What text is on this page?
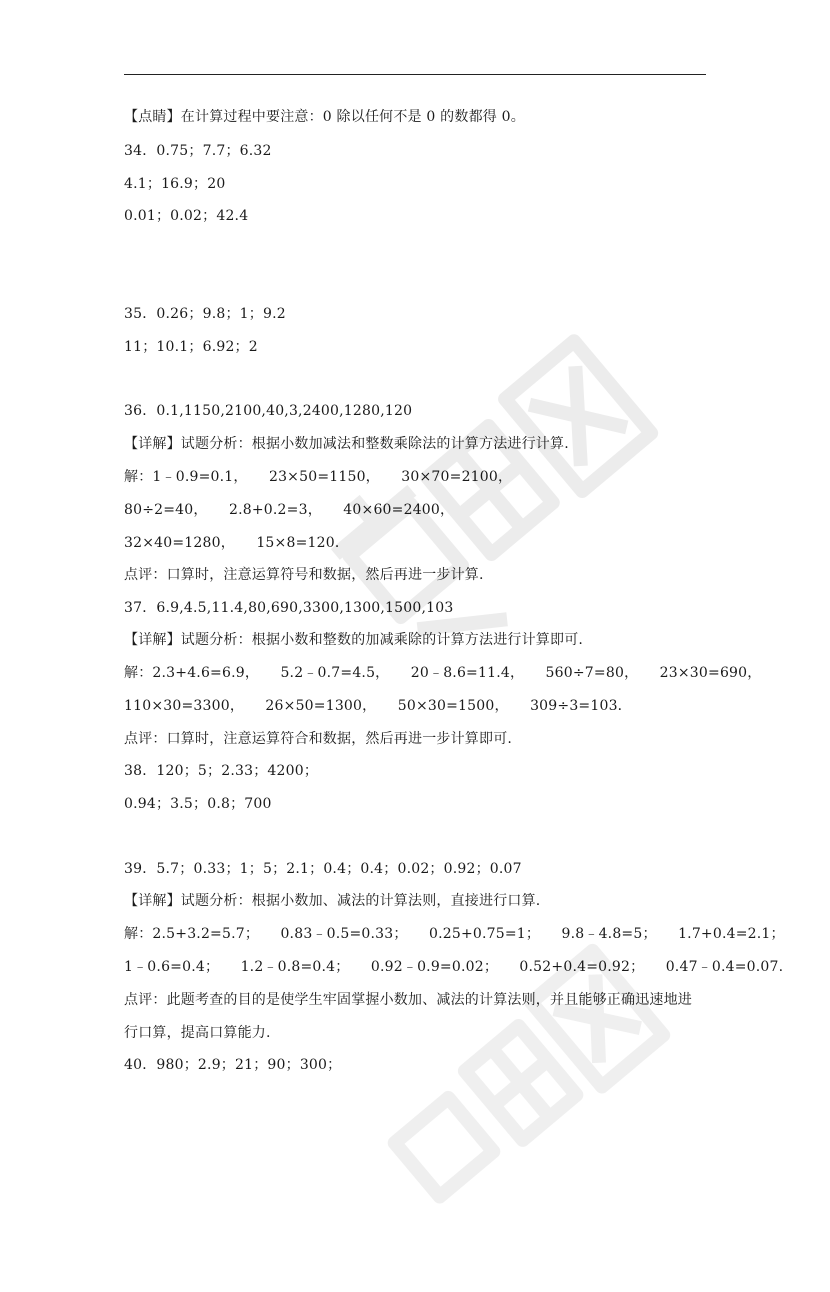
【点睛】在计算过程中要注意：0 除以任何不是 0 的数都得 0。
34．0.75；7.7；6.32
4.1；16.9；20
0.01；0.02；42.4
35．0.26；9.8；1；9.2
11；10.1；6.92；2
36．0.1,1150,2100,40,3,2400,1280,120
【详解】试题分析：根据小数加减法和整数乘除法的计算方法进行计算.
解：1﹣0.9=0.1，　　23×50=1150，　　30×70=2100，
80÷2=40，　　2.8+0.2=3，　　40×60=2400，
32×40=1280，　　15×8=120．
点评：口算时，注意运算符号和数据，然后再进一步计算.
37．6.9,4.5,11.4,80,690,3300,1300,1500,103
【详解】试题分析：根据小数和整数的加减乘除的计算方法进行计算即可.
解：2.3+4.6=6.9，　　5.2﹣0.7=4.5，　　20﹣8.6=11.4，　　560÷7=80，　　23×30=690，
110×30=3300，　　26×50=1300，　　50×30=1500，　　309÷3=103．
点评：口算时，注意运算符合和数据，然后再进一步计算即可.
38．120；5；2.33；4200；
0.94；3.5；0.8；700
39．5.7；0.33；1；5；2.1；0.4；0.4；0.02；0.92；0.07
【详解】试题分析：根据小数加、减法的计算法则，直接进行口算.
解：2.5+3.2=5.7；　　0.83﹣0.5=0.33；　　0.25+0.75=1；　　9.8﹣4.8=5；　　1.7+0.4=2.1；
1﹣0.6=0.4；　　1.2﹣0.8=0.4；　　0.92﹣0.9=0.02；　　0.52+0.4=0.92；　　0.47﹣0.4=0.07.
点评：此题考查的目的是使学生牢固掌握小数加、减法的计算法则，并且能够正确迅速地进
行口算，提高口算能力.
40．980；2.9；21；90；300；
